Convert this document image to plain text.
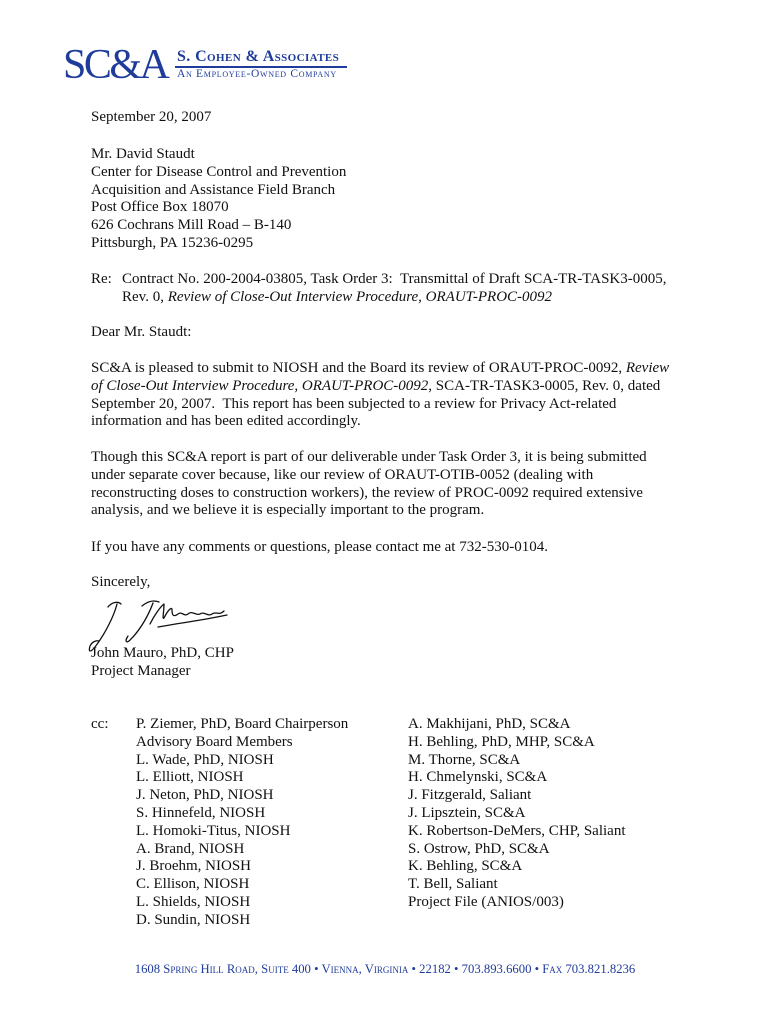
SC&A S. Cohen & Associates
An Employee-Owned Company
September 20, 2007
Mr. David Staudt
Center for Disease Control and Prevention
Acquisition and Assistance Field Branch
Post Office Box 18070
626 Cochrans Mill Road – B-140
Pittsburgh, PA 15236-0295
Re: Contract No. 200-2004-03805, Task Order 3:  Transmittal of Draft SCA-TR-TASK3-0005,
Rev. 0, Review of Close-Out Interview Procedure, ORAUT-PROC-0092
Dear Mr. Staudt:
SC&A is pleased to submit to NIOSH and the Board its review of ORAUT-PROC-0092, Review
of Close-Out Interview Procedure, ORAUT-PROC-0092, SCA-TR-TASK3-0005, Rev. 0, dated
September 20, 2007.  This report has been subjected to a review for Privacy Act-related
information and has been edited accordingly.
Though this SC&A report is part of our deliverable under Task Order 3, it is being submitted
under separate cover because, like our review of ORAUT-OTIB-0052 (dealing with
reconstructing doses to construction workers), the review of PROC-0092 required extensive
analysis, and we believe it is especially important to the program.
If you have any comments or questions, please contact me at 732-530-0104.
Sincerely,
John Mauro, PhD, CHP
Project Manager
cc: P. Ziemer, PhD, Board Chairperson
Advisory Board Members
L. Wade, PhD, NIOSH
L. Elliott, NIOSH
J. Neton, PhD, NIOSH
S. Hinnefeld, NIOSH
L. Homoki-Titus, NIOSH
A. Brand, NIOSH
J. Broehm, NIOSH
C. Ellison, NIOSH
L. Shields, NIOSH
D. Sundin, NIOSH
A. Makhijani, PhD, SC&A
H. Behling, PhD, MHP, SC&A
M. Thorne, SC&A
H. Chmelynski, SC&A
J. Fitzgerald, Saliant
J. Lipsztein, SC&A
K. Robertson-DeMers, CHP, Saliant
S. Ostrow, PhD, SC&A
K. Behling, SC&A
T. Bell, Saliant
Project File (ANIOS/003)
1608 Spring Hill Road, Suite 400 • Vienna, Virginia • 22182 • 703.893.6600 • Fax 703.821.8236
